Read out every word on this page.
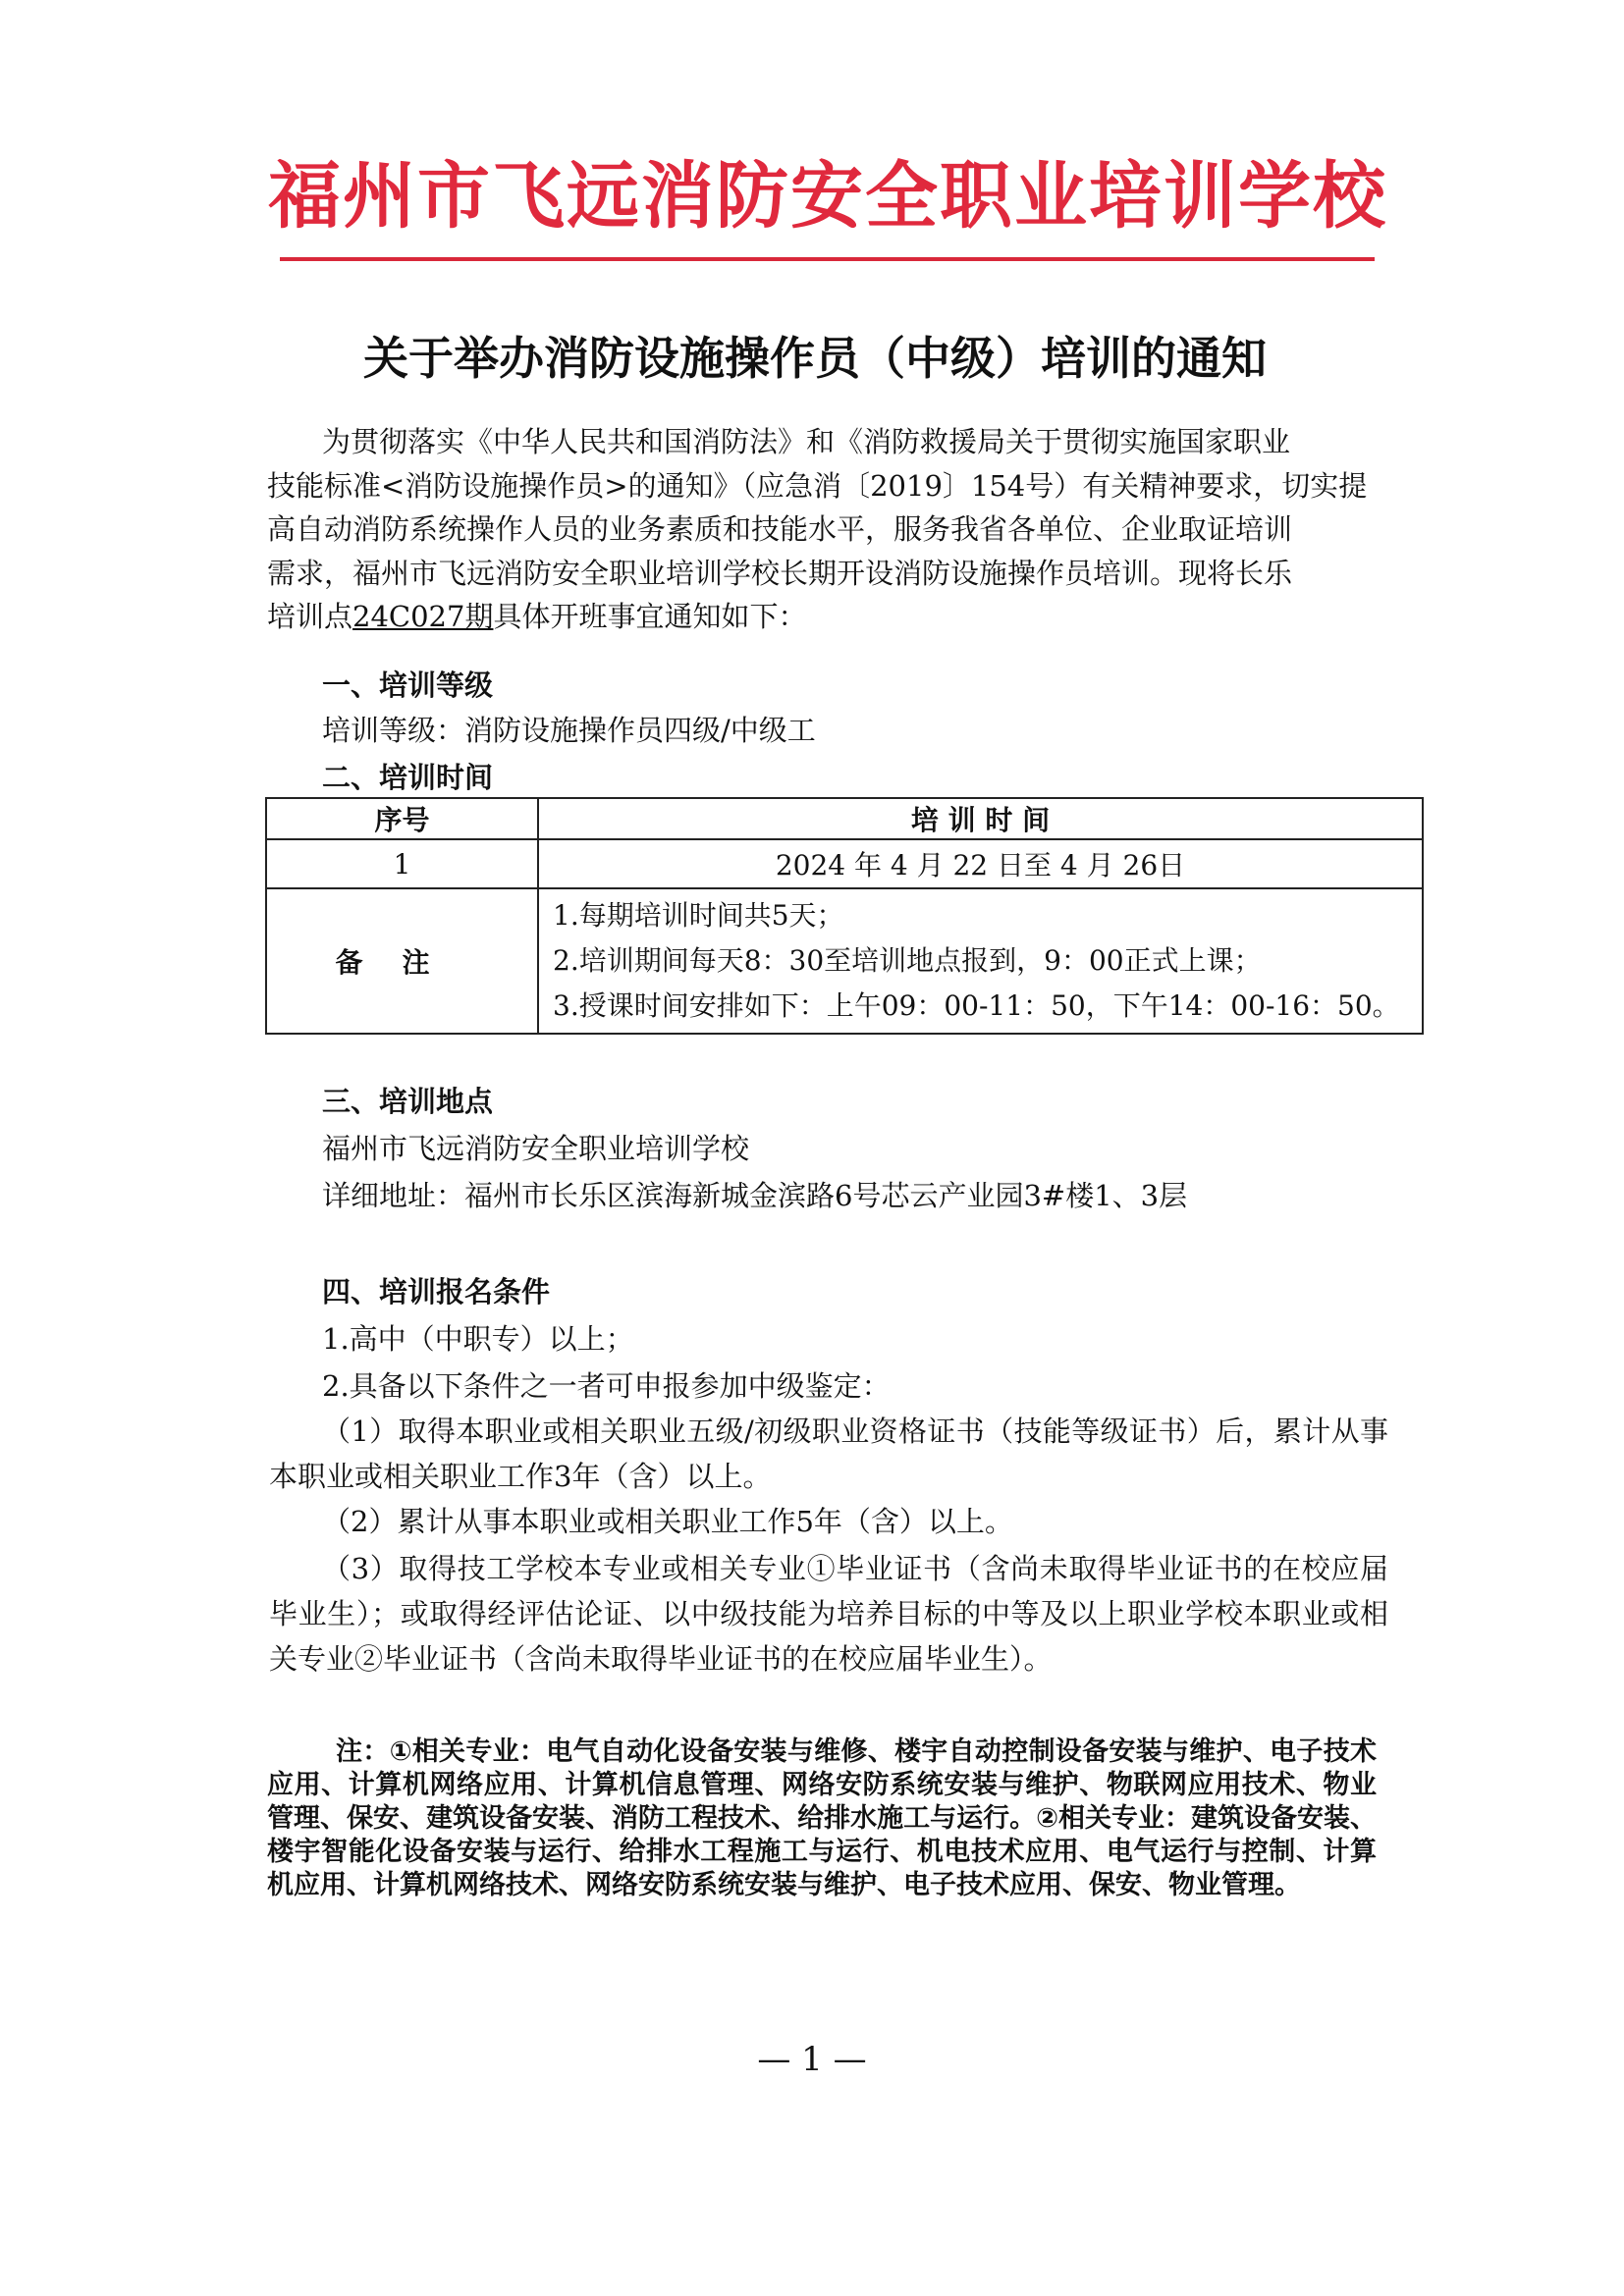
福州市飞远消防安全职业培训学校
关于举办消防设施操作员（中级）培训的通知
为贯彻落实《中华人民共和国消防法》和《消防救援局关于贯彻实施国家职业
技能标准<消防设施操作员>的通知》（应急消〔2019〕154号）有关精神要求，切实提
高自动消防系统操作人员的业务素质和技能水平，服务我省各单位、企业取证培训
需求，福州市飞远消防安全职业培训学校长期开设消防设施操作员培训。现将长乐
培训点24C027期具体开班事宜通知如下：
一、培训等级
培训等级：消防设施操作员四级/中级工
二、培训时间
序号	培 训 时 间
1	2024 年 4 月 22 日至 4 月 26日
备注	1.每期培训时间共5天；
2.培训期间每天8：30至培训地点报到，9：00正式上课；
3.授课时间安排如下：上午09：00-11：50，下午14：00-16：50。
三、培训地点
福州市飞远消防安全职业培训学校
详细地址：福州市长乐区滨海新城金滨路6号芯云产业园3#楼1、3层
四、培训报名条件
1.高中（中职专）以上；
2.具备以下条件之一者可申报参加中级鉴定：
（1）取得本职业或相关职业五级/初级职业资格证书（技能等级证书）后，累计从事本职业或相关职业工作3年（含）以上。
（2）累计从事本职业或相关职业工作5年（含）以上。
（3）取得技工学校本专业或相关专业①毕业证书（含尚未取得毕业证书的在校应届毕业生）；或取得经评估论证、以中级技能为培养目标的中等及以上职业学校本职业或相关专业②毕业证书（含尚未取得毕业证书的在校应届毕业生）。
注：①相关专业：电气自动化设备安装与维修、楼宇自动控制设备安装与维护、电子技术应用、计算机网络应用、计算机信息管理、网络安防系统安装与维护、物联网应用技术、物业管理、保安、建筑设备安装、消防工程技术、给排水施工与运行。②相关专业：建筑设备安装、楼宇智能化设备安装与运行、给排水工程施工与运行、机电技术应用、电气运行与控制、计算机应用、计算机网络技术、网络安防系统安装与维护、电子技术应用、保安、物业管理。
— 1 —
